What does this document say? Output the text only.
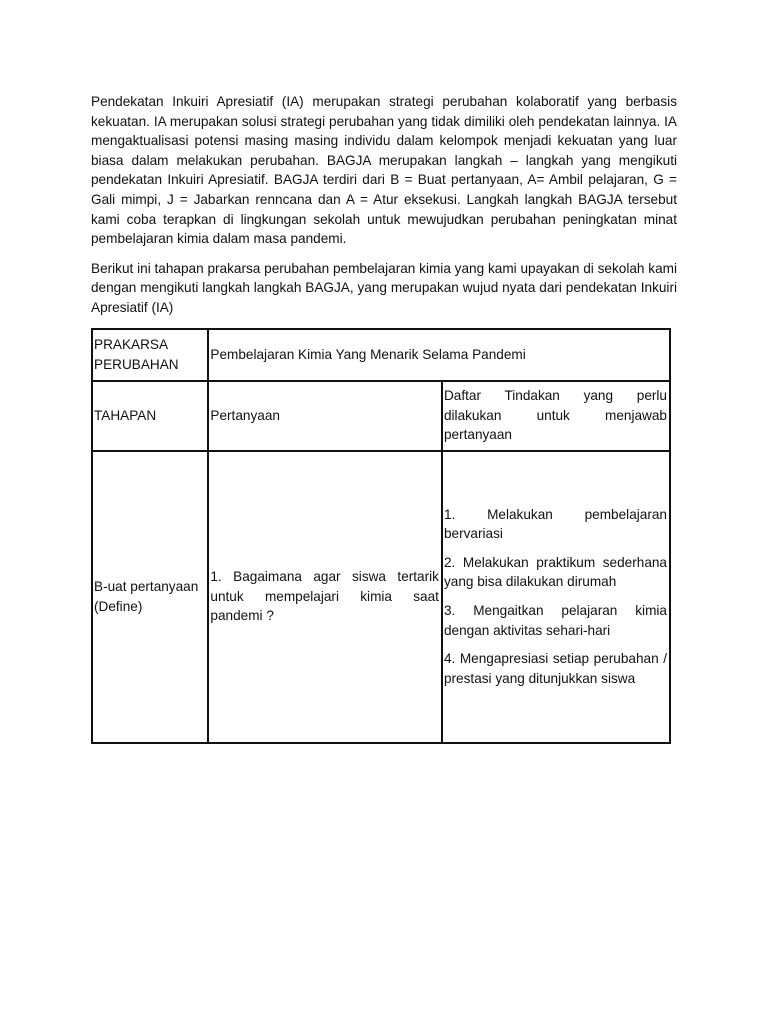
Pendekatan Inkuiri Apresiatif (IA) merupakan strategi perubahan kolaboratif yang berbasis kekuatan. IA merupakan solusi strategi perubahan yang tidak dimiliki oleh pendekatan lainnya. IA mengaktualisasi potensi masing masing individu dalam kelompok menjadi kekuatan yang luar biasa dalam melakukan perubahan. BAGJA merupakan langkah – langkah yang mengikuti pendekatan Inkuiri Apresiatif. BAGJA terdiri dari B = Buat pertanyaan, A= Ambil pelajaran, G = Gali mimpi, J = Jabarkan renncana dan A = Atur eksekusi. Langkah langkah BAGJA tersebut kami coba terapkan di lingkungan sekolah untuk mewujudkan perubahan peningkatan minat pembelajaran kimia dalam masa pandemi.

Berikut ini tahapan prakarsa perubahan pembelajaran kimia yang kami upayakan di sekolah kami dengan mengikuti langkah langkah BAGJA, yang merupakan wujud nyata dari pendekatan Inkuiri Apresiatif (IA)

PRAKARSA PERUBAHAN	Pembelajaran Kimia Yang Menarik Selama Pandemi	
TAHAPAN	Pertanyaan	Daftar Tindakan yang perlu dilakukan untuk menjawab pertanyaan
B-uat pertanyaan (Define)	1. Bagaimana agar siswa tertarik untuk mempelajari kimia saat pandemi ?	1. Melakukan pembelajaran bervariasi

2. Melakukan praktikum sederhana yang bisa dilakukan dirumah

3. Mengaitkan pelajaran kimia dengan aktivitas sehari-hari

4. Mengapresiasi setiap perubahan / prestasi yang ditunjukkan siswa
